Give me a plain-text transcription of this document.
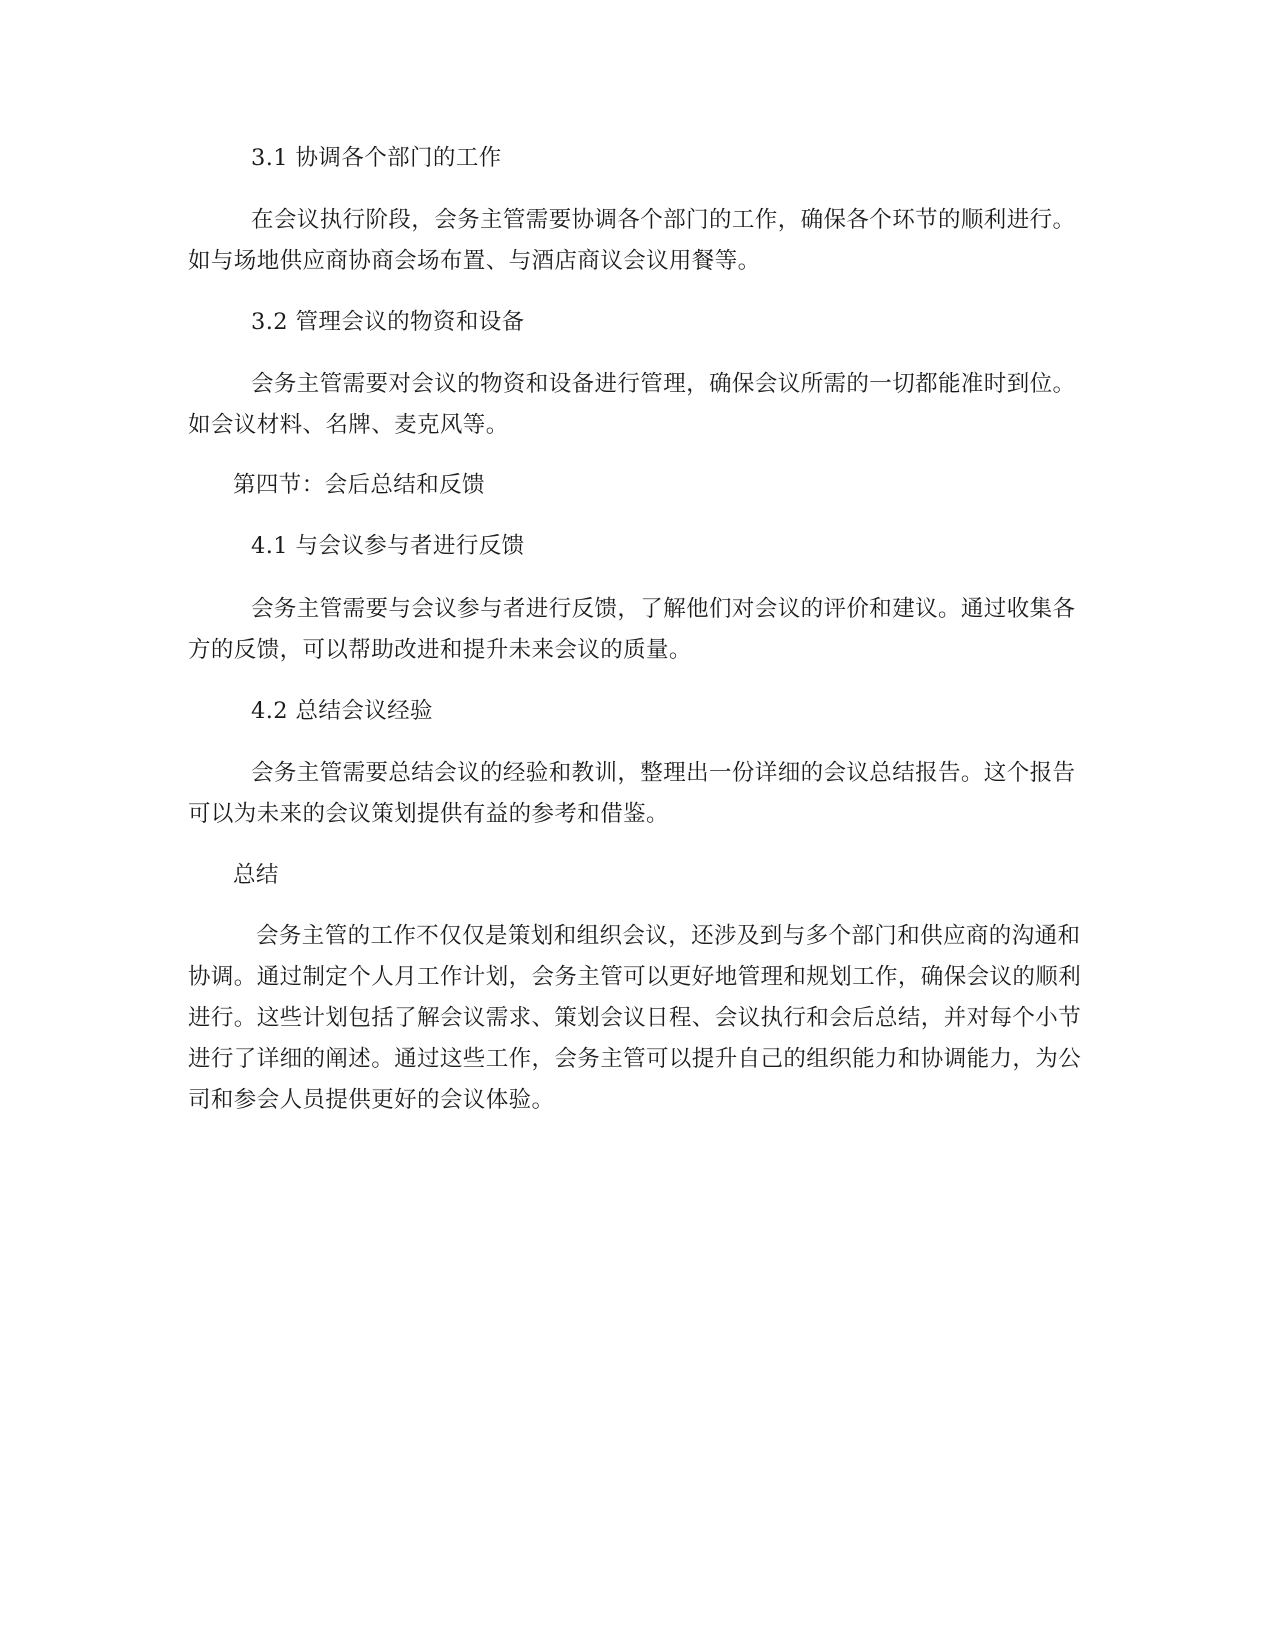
3.1 协调各个部门的工作

在会议执行阶段，会务主管需要协调各个部门的工作，确保各个环节的顺利进行。如与场地供应商协商会场布置、与酒店商议会议用餐等。

3.2 管理会议的物资和设备

会务主管需要对会议的物资和设备进行管理，确保会议所需的一切都能准时到位。如会议材料、名牌、麦克风等。

第四节：会后总结和反馈

4.1 与会议参与者进行反馈

会务主管需要与会议参与者进行反馈，了解他们对会议的评价和建议。通过收集各方的反馈，可以帮助改进和提升未来会议的质量。

4.2 总结会议经验

会务主管需要总结会议的经验和教训，整理出一份详细的会议总结报告。这个报告可以为未来的会议策划提供有益的参考和借鉴。

总结

会务主管的工作不仅仅是策划和组织会议，还涉及到与多个部门和供应商的沟通和协调。通过制定个人月工作计划，会务主管可以更好地管理和规划工作，确保会议的顺利进行。这些计划包括了解会议需求、策划会议日程、会议执行和会后总结，并对每个小节进行了详细的阐述。通过这些工作，会务主管可以提升自己的组织能力和协调能力，为公司和参会人员提供更好的会议体验。
